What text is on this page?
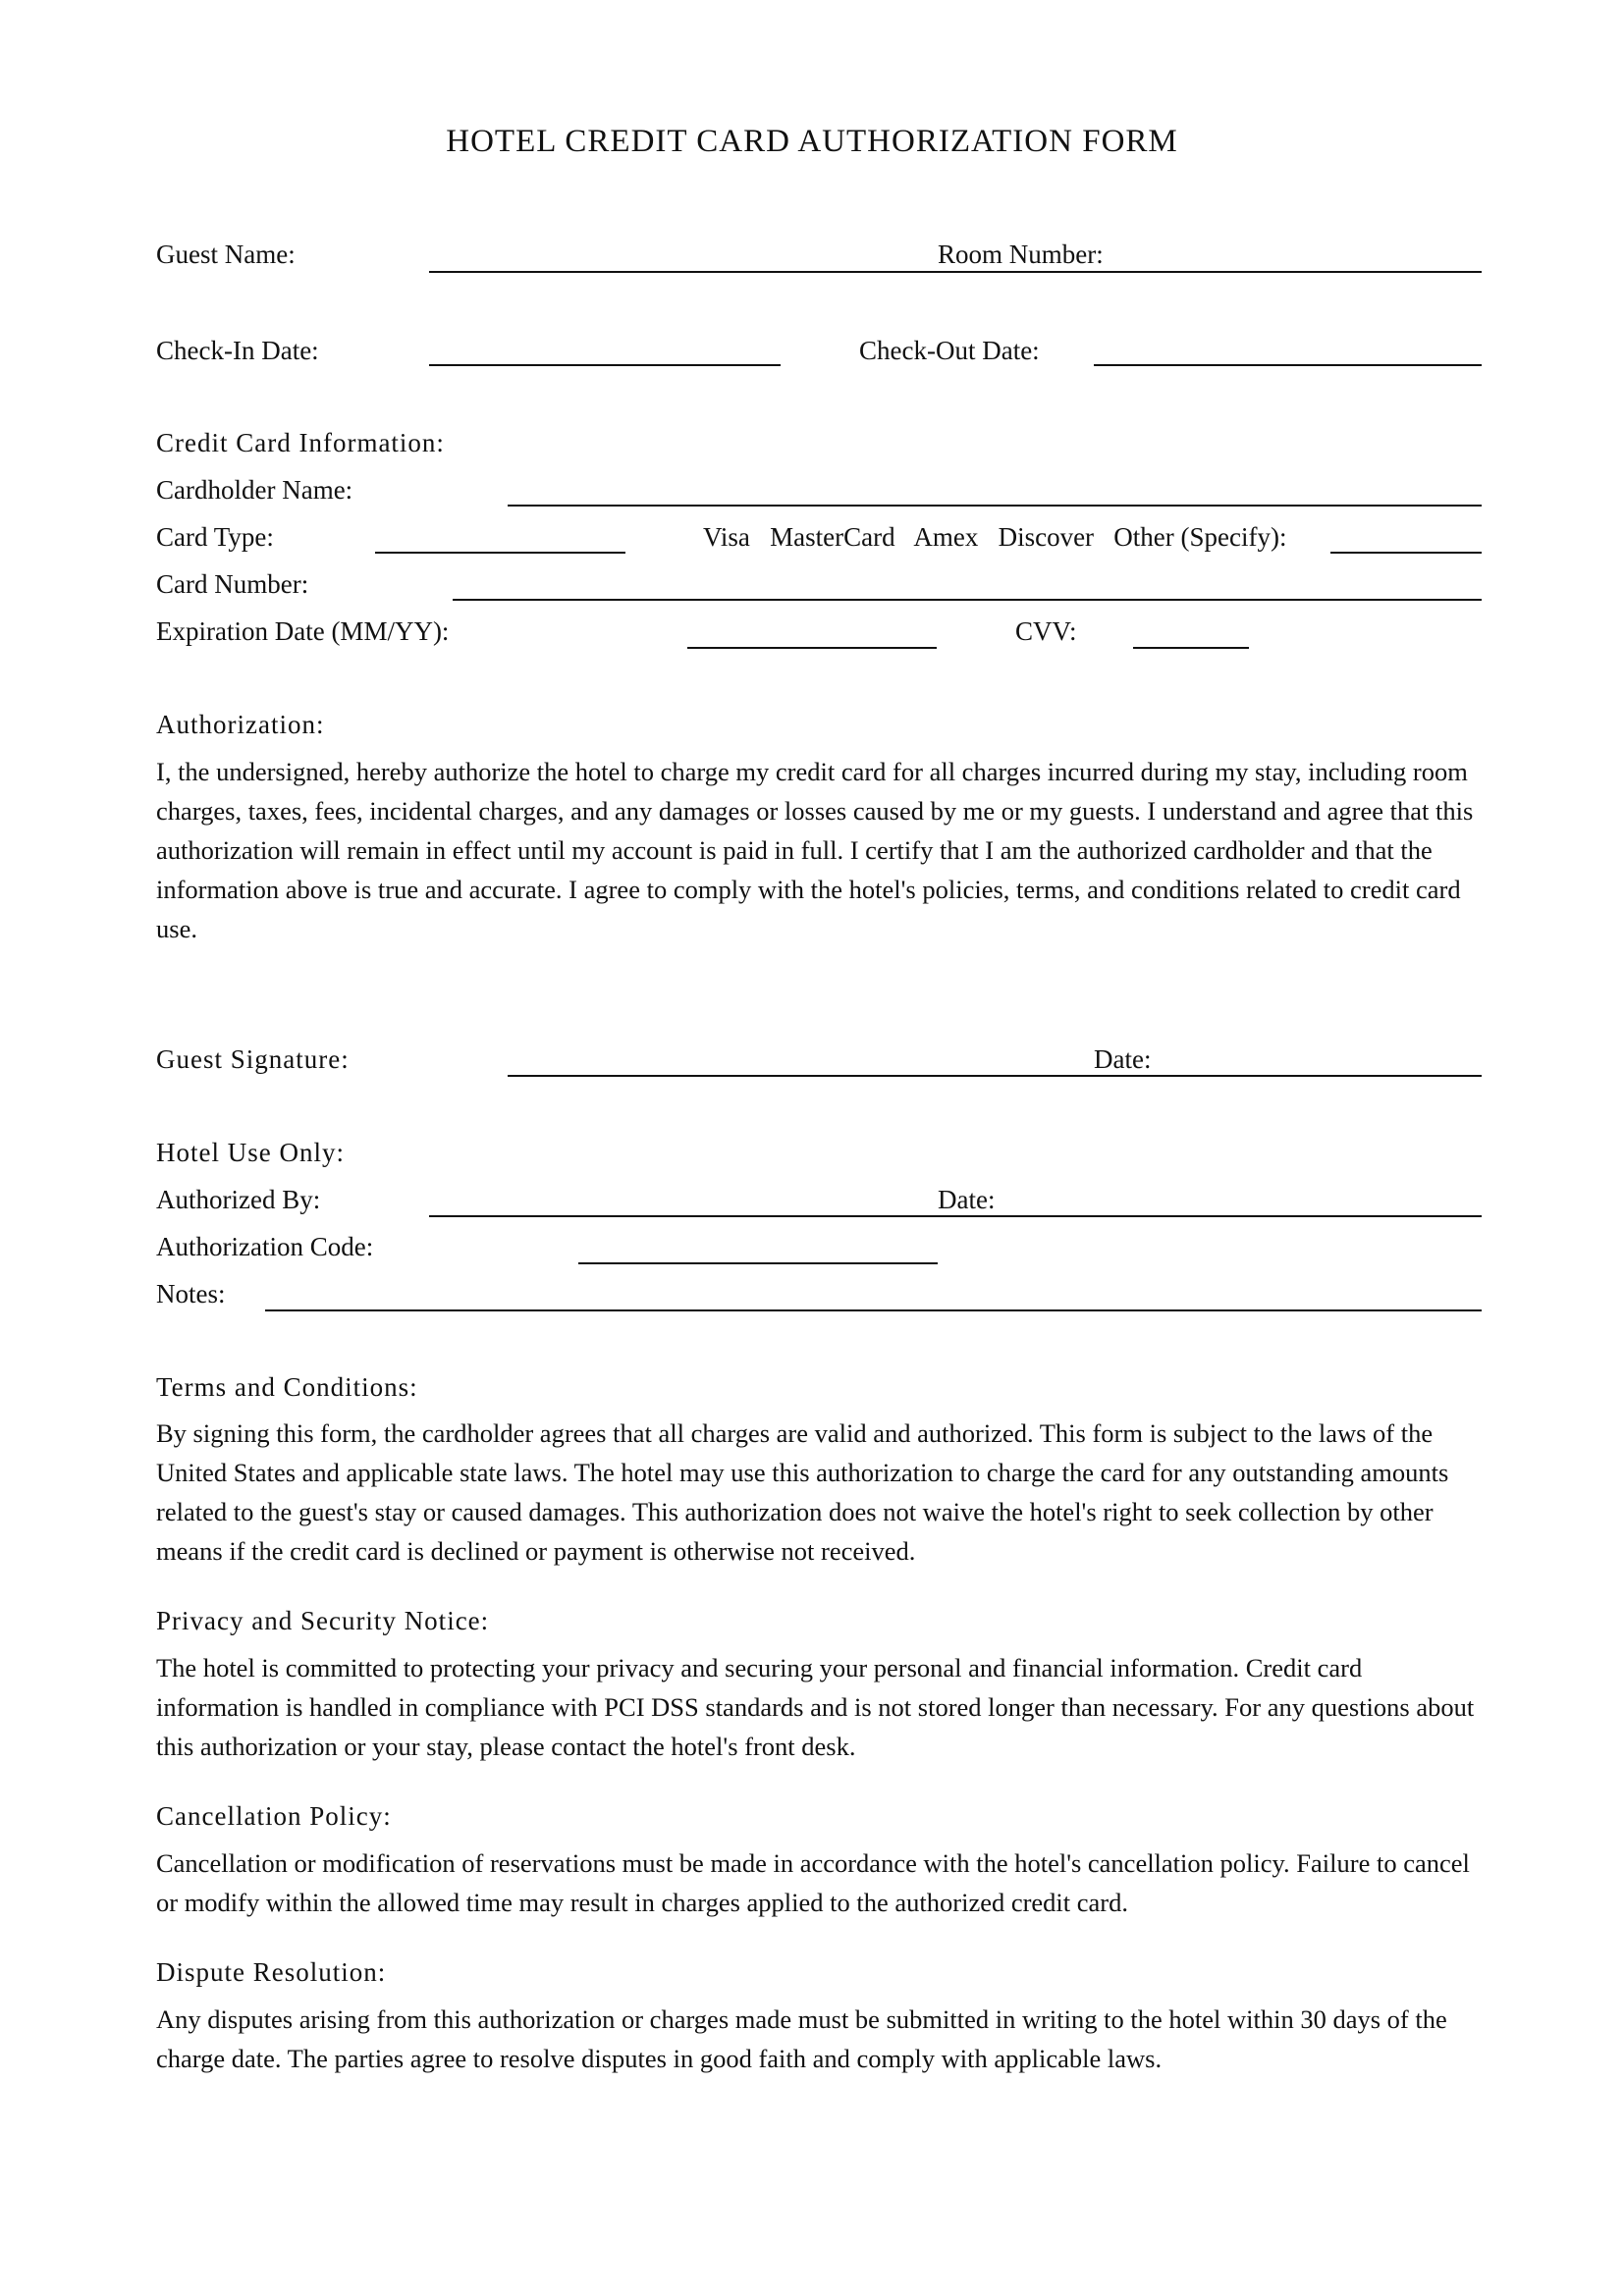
HOTEL CREDIT CARD AUTHORIZATION FORM
Guest Name:	Room Number:
Check-In Date:	Check-Out Date:
Credit Card Information:
Cardholder Name:
Card Type:	Visa   MasterCard   Amex   Discover   Other (Specify):
Card Number:
Expiration Date (MM/YY):	CVV:
Authorization:
I, the undersigned, hereby authorize the hotel to charge my credit card for all charges incurred during my stay, including room charges, taxes, fees, incidental charges, and any damages or losses caused by me or my guests. I understand and agree that this authorization will remain in effect until my account is paid in full. I certify that I am the authorized cardholder and that the information above is true and accurate. I agree to comply with the hotel's policies, terms, and conditions related to credit card use.
Guest Signature:	Date:
Hotel Use Only:
Authorized By:	Date:
Authorization Code:
Notes:
Terms and Conditions:
By signing this form, the cardholder agrees that all charges are valid and authorized. This form is subject to the laws of the United States and applicable state laws. The hotel may use this authorization to charge the card for any outstanding amounts related to the guest's stay or caused damages. This authorization does not waive the hotel's right to seek collection by other means if the credit card is declined or payment is otherwise not received.
Privacy and Security Notice:
The hotel is committed to protecting your privacy and securing your personal and financial information. Credit card information is handled in compliance with PCI DSS standards and is not stored longer than necessary. For any questions about this authorization or your stay, please contact the hotel's front desk.
Cancellation Policy:
Cancellation or modification of reservations must be made in accordance with the hotel's cancellation policy. Failure to cancel or modify within the allowed time may result in charges applied to the authorized credit card.
Dispute Resolution:
Any disputes arising from this authorization or charges made must be submitted in writing to the hotel within 30 days of the charge date. The parties agree to resolve disputes in good faith and comply with applicable laws.
